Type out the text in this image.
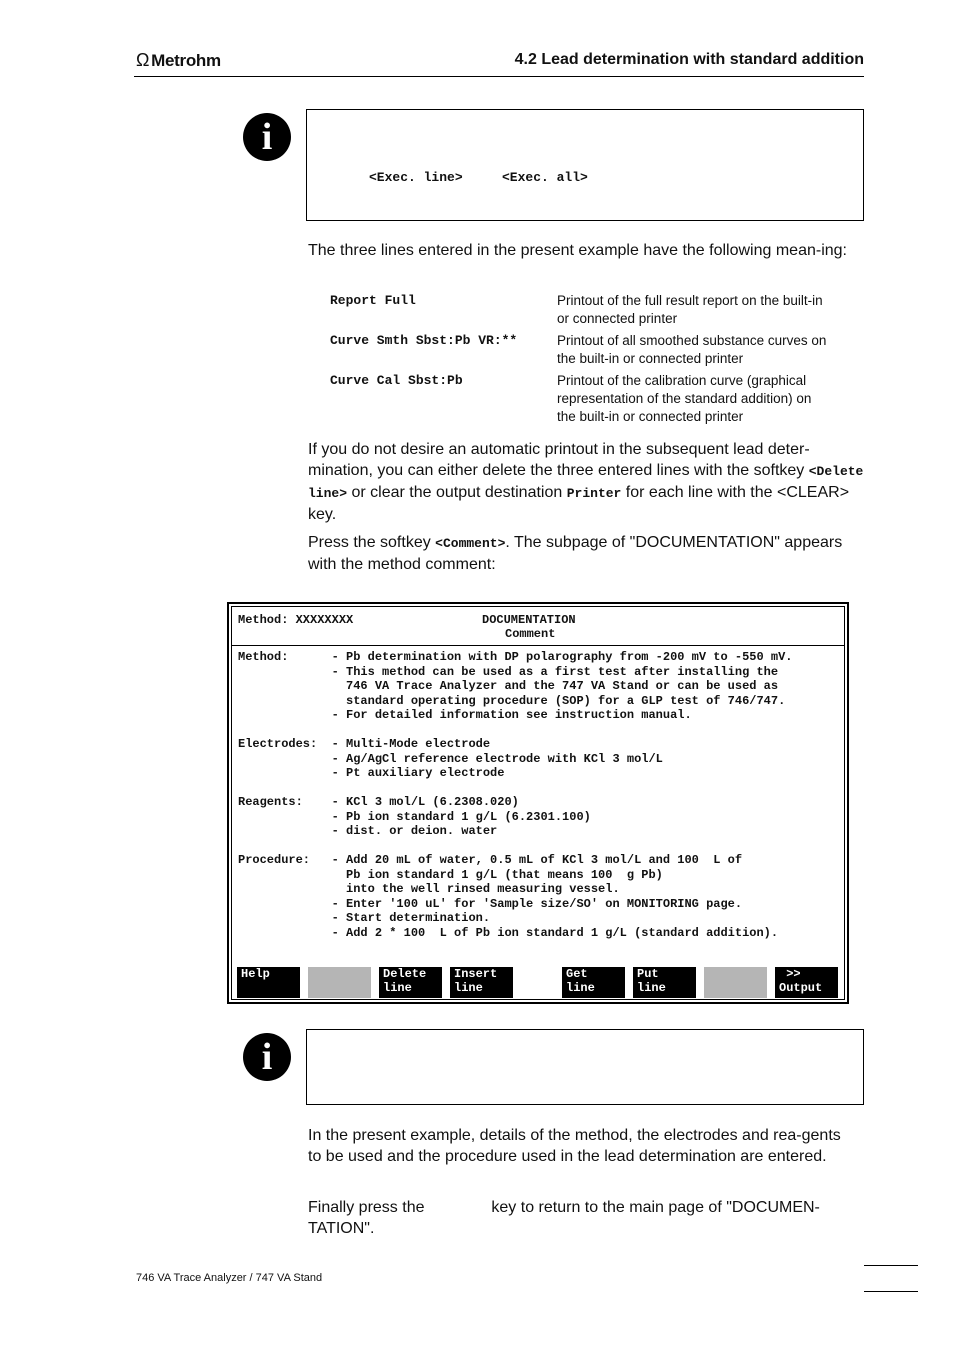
Ω Metrohm	4.2 Lead determination with standard addition
i
<Exec. line>	<Exec. all>
The three lines entered in the present example have the following mean-ing:
Report Full	Printout of the full result report on the built-in or connected printer
Curve Smth Sbst:Pb VR:**	Printout of all smoothed substance curves on the built-in or connected printer
Curve Cal Sbst:Pb	Printout of the calibration curve (graphical representation of the standard addition) on the built-in or connected printer
If you do not desire an automatic printout in the subsequent lead deter-mination, you can either delete the three entered lines with the softkey <Delete line> or clear the output destination Printer for each line with the <CLEAR> key.
Press the softkey <Comment>. The subpage of "DOCUMENTATION" appears with the method comment:
Method: XXXXXXXX	DOCUMENTATION
Comment
Method:      - Pb determination with DP polarography from -200 mV to -550 mV.
- This method can be used as a first test after installing the
746 VA Trace Analyzer and the 747 VA Stand or can be used as
standard operating procedure (SOP) for a GLP test of 746/747.
- For detailed information see instruction manual.

Electrodes:  - Multi-Mode electrode
- Ag/AgCl reference electrode with KCl 3 mol/L
- Pt auxiliary electrode

Reagents:    - KCl 3 mol/L (6.2308.020)
- Pb ion standard 1 g/L (6.2301.100)
- dist. or deion. water

Procedure:   - Add 20 mL of water, 0.5 mL of KCl 3 mol/L and 100  L of
Pb ion standard 1 g/L (that means 100  g Pb)
into the well rinsed measuring vessel.
- Enter '100 uL' for 'Sample size/SO' on MONITORING page.
- Start determination.
- Add 2 * 100  L of Pb ion standard 1 g/L (standard addition).
Help	Delete
line
Insert
line
Get
line
Put
line
>>
Output
i
In the present example, details of the method, the electrodes and rea-gents to be used and the procedure used in the lead determination are entered.
Finally press the	key to return to the main page of "DOCUMEN-TATION".
746 VA Trace Analyzer / 747 VA Stand
